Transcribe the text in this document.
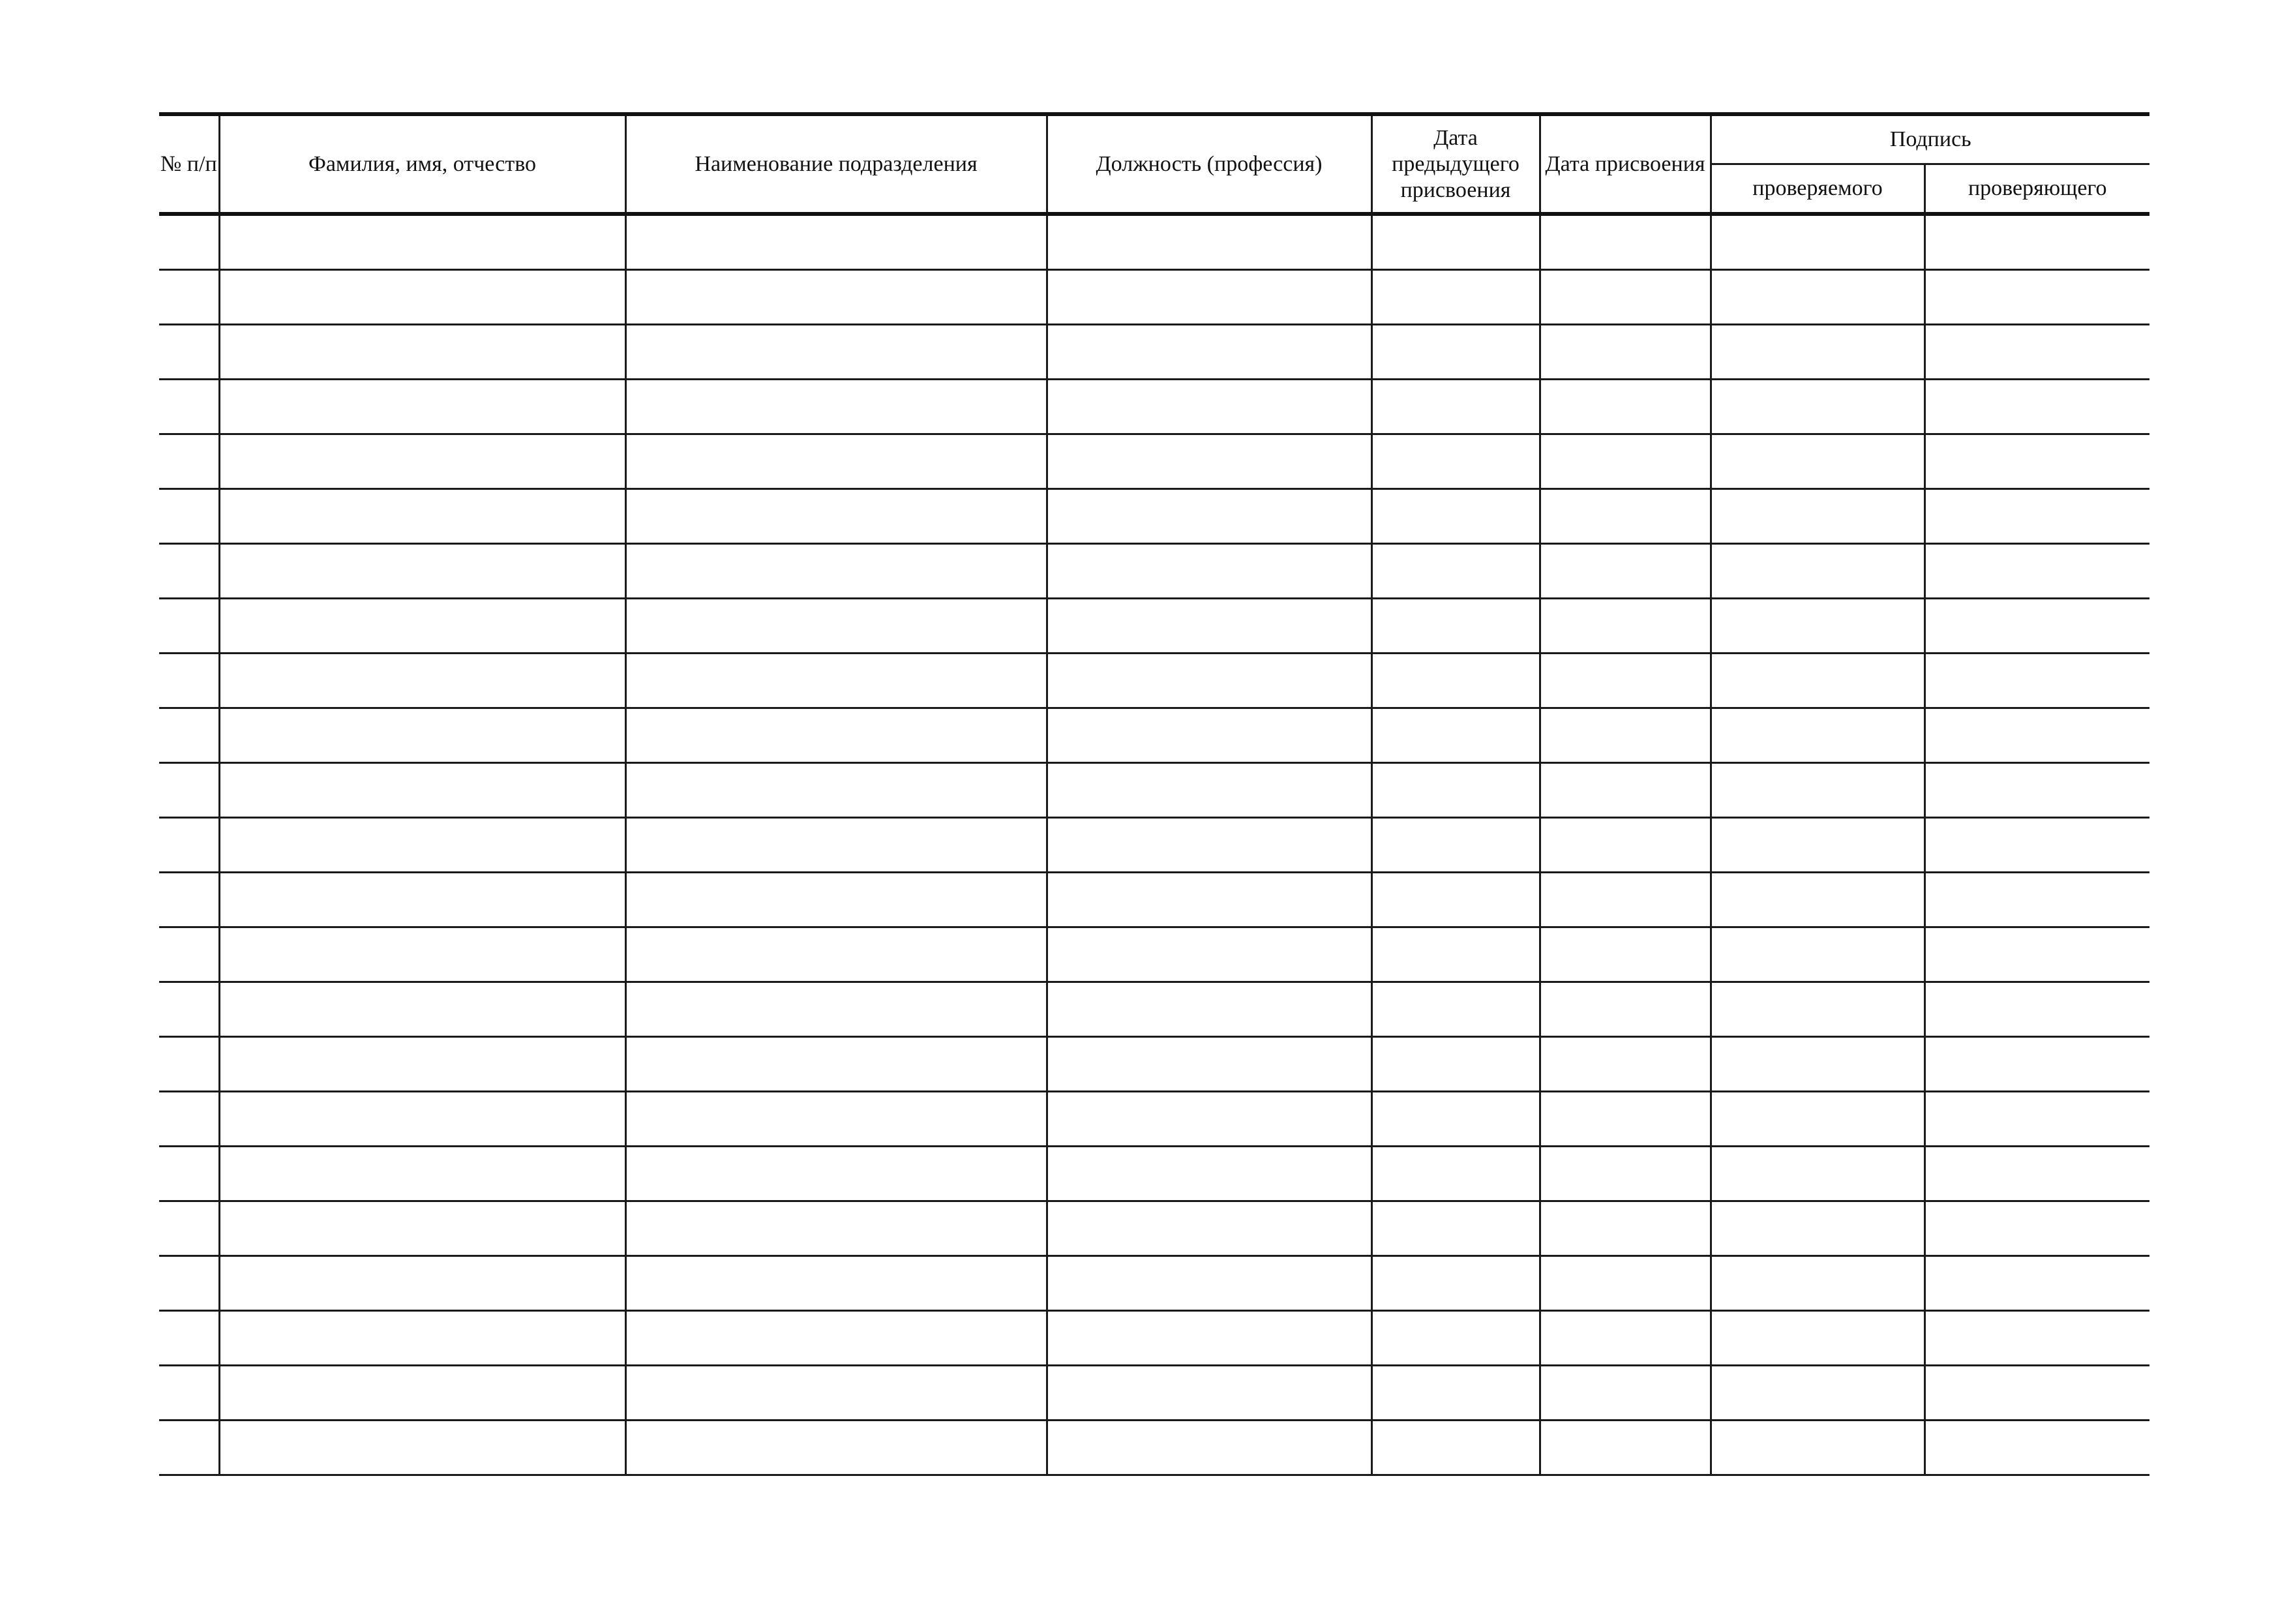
№ п/п	Фамилия, имя, отчество	Наименование подразделения	Должность (профессия)	Дата предыдущего присвоения	Дата присвоения	Подпись	

						проверяемого	проверяющего
